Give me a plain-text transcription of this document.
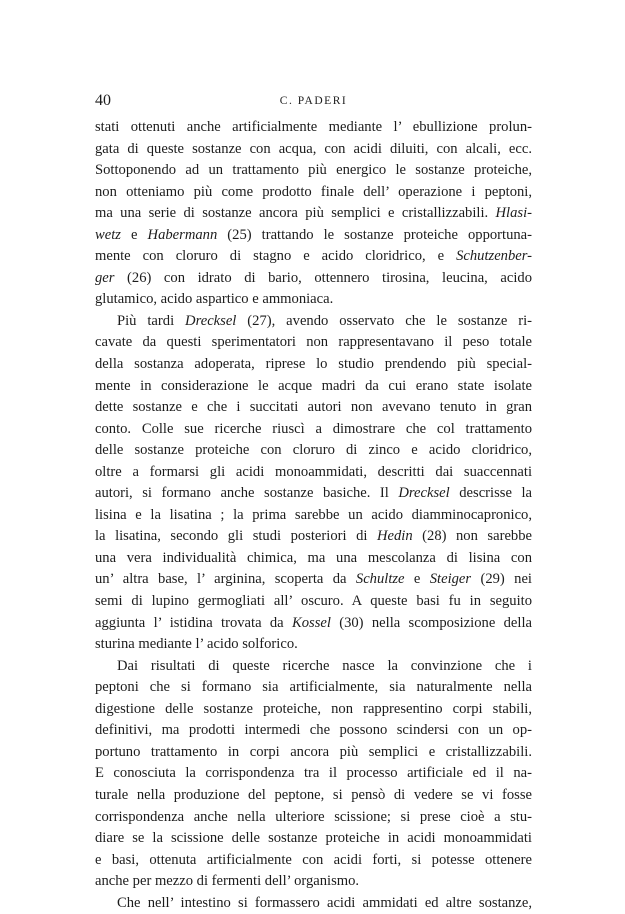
40	C. PADERI
stati ottenuti anche artificialmente mediante l’ ebullizione prolun-
gata di queste sostanze con acqua, con acidi diluiti, con alcali, ecc.
Sottoponendo ad un trattamento più energico le sostanze proteiche,
non otteniamo più come prodotto finale dell’ operazione i peptoni,
ma una serie di sostanze ancora più semplici e cristallizzabili. Hlasi-
wetz e Habermann (25) trattando le sostanze proteiche opportuna-
mente con cloruro di stagno e acido cloridrico, e Schutzenber-
ger (26) con idrato di bario, ottennero tirosina, leucina, acido
glutamico, acido aspartico e ammoniaca.
Più tardi Drecksel (27), avendo osservato che le sostanze ri-
cavate da questi sperimentatori non rappresentavano il peso totale
della sostanza adoperata, riprese lo studio prendendo più special-
mente in considerazione le acque madri da cui erano state isolate
dette sostanze e che i succitati autori non avevano tenuto in gran
conto. Colle sue ricerche riuscì a dimostrare che col trattamento
delle sostanze proteiche con cloruro di zinco e acido cloridrico,
oltre a formarsi gli acidi monoammidati, descritti dai suaccennati
autori, si formano anche sostanze basiche. Il Drecksel descrisse la
lisina e la lisatina ; la prima sarebbe un acido diamminocapronico,
la lisatina, secondo gli studi posteriori di Hedin (28) non sarebbe
una vera individualità chimica, ma una mescolanza di lisina con
un’ altra base, l’ arginina, scoperta da Schultze e Steiger (29) nei
semi di lupino germogliati all’ oscuro. A queste basi fu in seguito
aggiunta l’ istidina trovata da Kossel (30) nella scomposizione della
sturina mediante l’ acido solforico.
Dai risultati di queste ricerche nasce la convinzione che i
peptoni che si formano sia artificialmente, sia naturalmente nella
digestione delle sostanze proteiche, non rappresentino corpi stabili,
definitivi, ma prodotti intermedi che possono scindersi con un op-
portuno trattamento in corpi ancora più semplici e cristallizzabili.
E conosciuta la corrispondenza tra il processo artificiale ed il na-
turale nella produzione del peptone, si pensò di vedere se vi fosse
corrispondenza anche nella ulteriore scissione; si prese cioè a stu-
diare se la scissione delle sostanze proteiche in acidi monoammidati
e basi, ottenuta artificialmente con acidi forti, si potesse ottenere
anche per mezzo di fermenti dell’ organismo.
Che nell’ intestino si formassero acidi ammidati ed altre sostanze,
